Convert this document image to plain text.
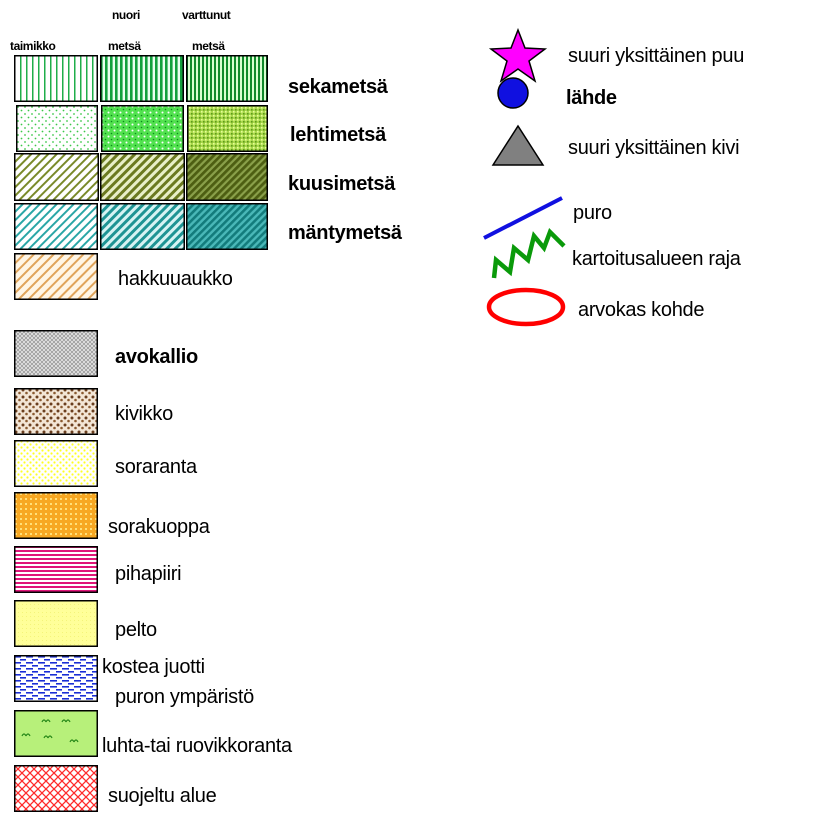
taimikko
nuori
metsä
varttunut
metsä
sekametsä
lehtimetsä
kuusimetsä
mäntymetsä
hakkuuaukko
avokallio
kivikko
soraranta
sorakuoppa
pihapiiri
pelto
kostea juotti
puron ympäristö
luhta-tai ruovikkoranta
suojeltu alue
suuri yksittäinen puu
lähde
suuri yksittäinen kivi
puro
kartoitusalueen raja
arvokas kohde
